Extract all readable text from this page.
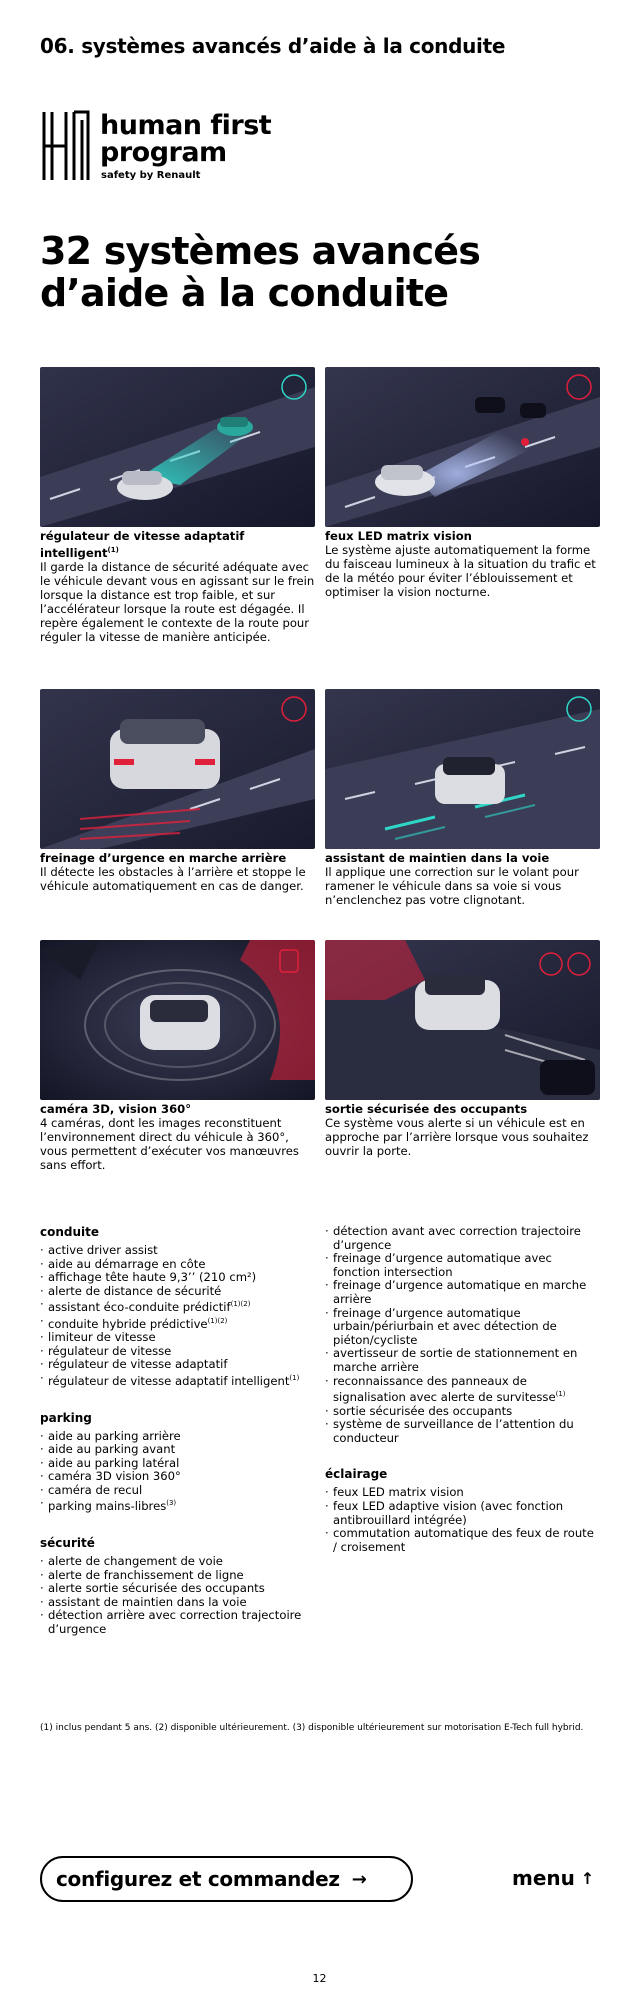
06. systèmes avancés d’aide à la conduite
human first
program
safety by Renault
32 systèmes avancés d’aide à la conduite
régulateur de vitesse adaptatif intelligent$^{(1)}$
Il garde la distance de sécurité adéquate avec le véhicule devant vous en agissant sur le frein lorsque la distance est trop faible, et sur l’accélérateur lorsque la route est dégagée. Il repère également le contexte de la route pour réguler la vitesse de manière anticipée.
feux LED matrix vision
Le système ajuste automatiquement la forme du faisceau lumineux à la situation du trafic et de la météo pour éviter l’éblouissement et optimiser la vision nocturne.
freinage d’urgence en marche arrière
Il détecte les obstacles à l’arrière et stoppe le véhicule automatiquement en cas de danger.
assistant de maintien dans la voie
Il applique une correction sur le volant pour ramener le véhicule dans sa voie si vous n’enclenchez pas votre clignotant.
caméra 3D, vision 360°
4 caméras, dont les images reconstituent l’environnement direct du véhicule à 360°, vous permettent d’exécuter vos manœuvres sans effort.
sortie sécurisée des occupants
Ce système vous alerte si un véhicule est en approche par l’arrière lorsque vous souhaitez ouvrir la porte.
conduite
· active driver assist
· aide au démarrage en côte
· affichage tête haute 9,3’’ (210 cm²)
· alerte de distance de sécurité
· assistant éco-conduite prédictif$^{(1)(2)}$
· conduite hybride prédictive$^{(1)(2)}$
· limiteur de vitesse
· régulateur de vitesse
· régulateur de vitesse adaptatif
· régulateur de vitesse adaptatif intelligent$^{(1)}$
parking
· aide au parking arrière
· aide au parking avant
· aide au parking latéral
· caméra 3D vision 360°
· caméra de recul
· parking mains-libres$^{(3)}$
sécurité
· alerte de changement de voie
· alerte de franchissement de ligne
· alerte sortie sécurisée des occupants
· assistant de maintien dans la voie
· détection arrière avec correction trajectoire d’urgence
· détection avant avec correction trajectoire d’urgence
· freinage d’urgence automatique avec fonction intersection
· freinage d’urgence automatique en marche arrière
· freinage d’urgence automatique urbain/périurbain et avec détection de piéton/cycliste
· avertisseur de sortie de stationnement en marche arrière
· reconnaissance des panneaux de signalisation avec alerte de survitesse$^{(1)}$
· sortie sécurisée des occupants
· système de surveillance de l’attention du conducteur
éclairage
· feux LED matrix vision
· feux LED adaptive vision (avec fonction antibrouillard intégrée)
· commutation automatique des feux de route / croisement
(1) inclus pendant 5 ans. (2) disponible ultérieurement. (3) disponible ultérieurement sur motorisation E-Tech full hybrid.
configurez et commandez →	menu ↑
12
